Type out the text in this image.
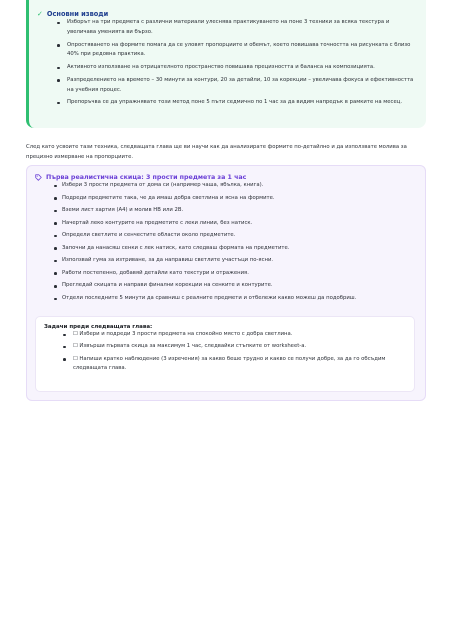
✓ Основни изводи
Изборът на три предмета с различни материали улеснява практикуването на поне 3 техники за всяка текстура и увеличава уменията ви бързо.
Опростяването на формите помага да се уловят пропорциите и обемът, което повишава точността на рисунката с близо 40% при редовна практика.
Активното използване на отрицателното пространство повишава прецизността и баланса на композицията.
Разпределението на времето – 30 минути за контури, 20 за детайли, 10 за корекции – увеличава фокуса и ефективността на учебния процес.
Препоръчва се да упражнявате този метод поне 5 пъти седмично по 1 час за да видим напредък в рамките на месец.

След като усвоите тази техника, следващата глава ще ви научи как да анализирате формите по-детайлно и да използвате молива за прецизно измерване на пропорциите.

Първа реалистична скица: 3 прости предмета за 1 час
Избери 3 прости предмета от дома си (например чаша, ябълка, книга).
Подреди предметите така, че да имаш добра светлина и ясна на формите.
Вземи лист хартия (A4) и молив HB или 2B.
Начертай леко контурите на предметите с леки линии, без натиск.
Определи светлите и сенчестите области около предметите.
Започни да нанасяш сенки с лек натиск, като следваш формата на предметите.
Използвай гума за изтриване, за да направиш светлите участъци по-ясни.
Работи постепенно, добавяй детайли като текстури и отражения.
Прегледай скицата и направи финални корекции на сенките и контурите.
Отдели последните 5 минути да сравниш с реалните предмети и отбележи какво можеш да подобриш.
Задачи преди следващата глава:
☐ Избери и подреди 3 прости предмета на спокойно място с добра светлина.
☐ Извърши първата скица за максимум 1 час, следвайки стъпките от worksheet-а.
☐ Напиши кратко наблюдение (3 изречения) за какво беше трудно и какво се получи добре, за да го обсъдим следващата глава.
